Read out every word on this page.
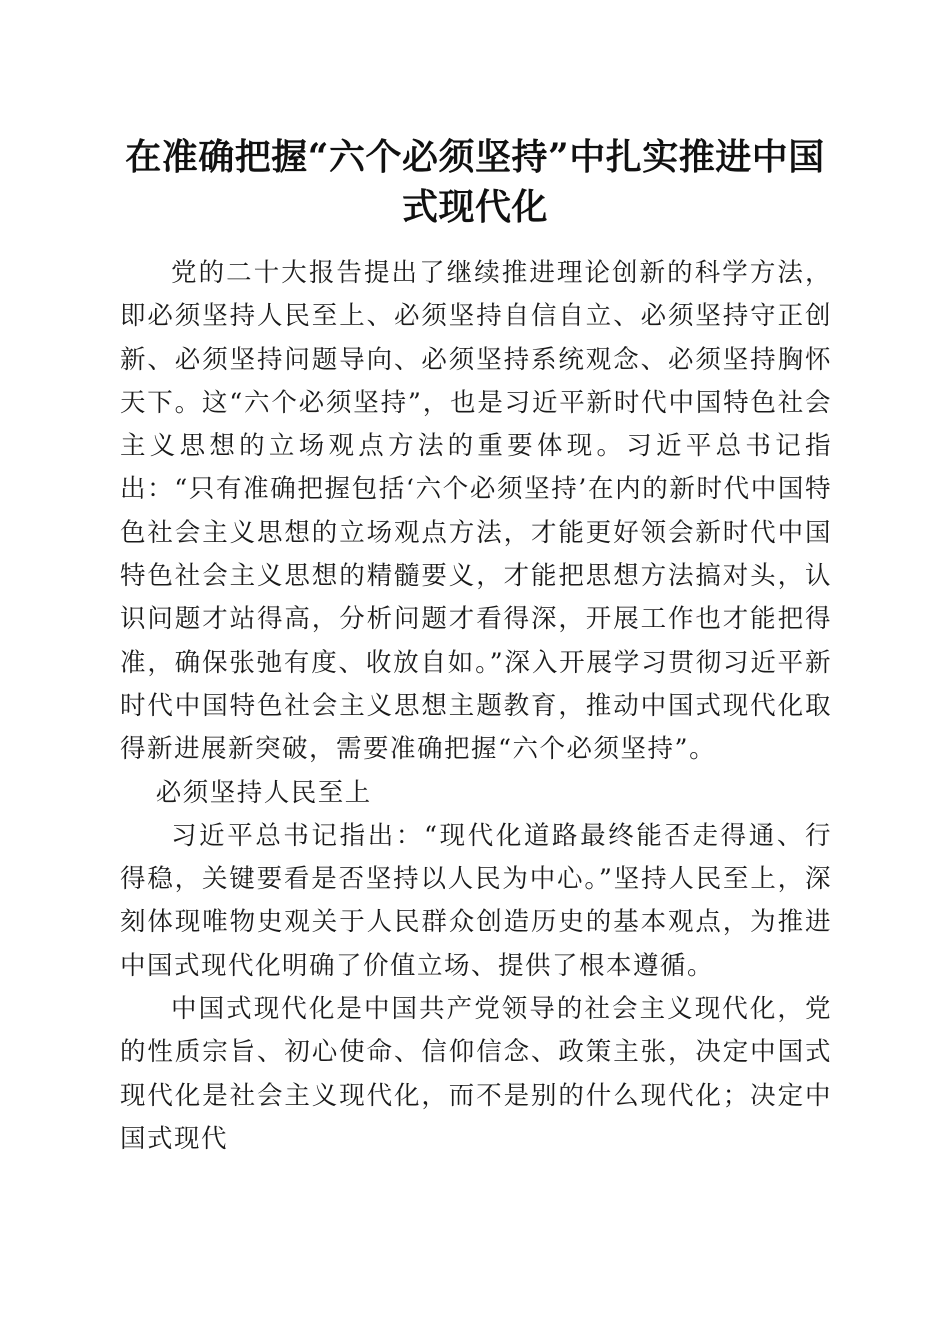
在准确把握“六个必须坚持”中扎实推进中国
式现代化

党的二十大报告提出了继续推进理论创新的科学方法，即必须坚持人民至上、必须坚持自信自立、必须坚持守正创新、必须坚持问题导向、必须坚持系统观念、必须坚持胸怀天下。这“六个必须坚持”，也是习近平新时代中国特色社会主义思想的立场观点方法的重要体现。习近平总书记指出：“只有准确把握包括‘六个必须坚持’在内的新时代中国特色社会主义思想的立场观点方法，才能更好领会新时代中国特色社会主义思想的精髓要义，才能把思想方法搞对头，认识问题才站得高，分析问题才看得深，开展工作也才能把得准，确保张弛有度、收放自如。”深入开展学习贯彻习近平新时代中国特色社会主义思想主题教育，推动中国式现代化取得新进展新突破，需要准确把握“六个必须坚持”。

必须坚持人民至上

习近平总书记指出：“现代化道路最终能否走得通、行得稳，关键要看是否坚持以人民为中心。”坚持人民至上，深刻体现唯物史观关于人民群众创造历史的基本观点，为推进中国式现代化明确了价值立场、提供了根本遵循。

中国式现代化是中国共产党领导的社会主义现代化，党的性质宗旨、初心使命、信仰信念、政策主张，决定中国式现代化是社会主义现代化，而不是别的什么现代化；决定中国式现代
